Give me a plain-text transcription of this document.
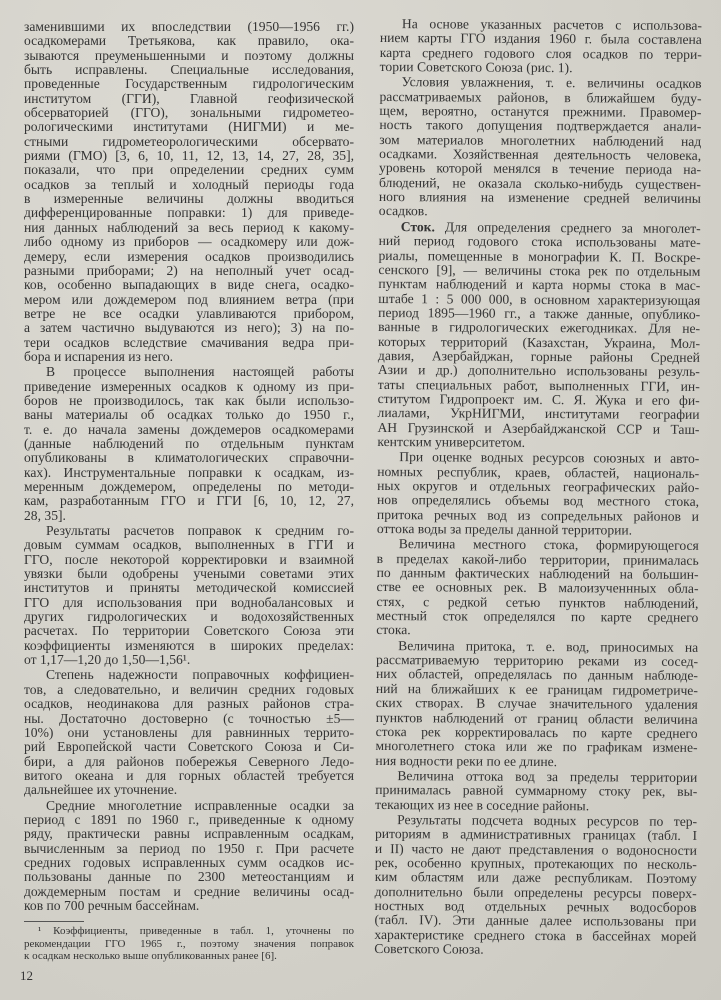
заменившими их впоследствии (1950—1956 гг.)
осадкомерами Третьякова, как правило, ока-
зываются преуменьшенными и поэтому должны
быть исправлены. Специальные исследования,
проведенные Государственным гидрологическим
институтом (ГГИ), Главной геофизической
обсерваторией (ГГО), зональными гидрометео-
рологическими институтами (НИГМИ) и ме-
стными гидрометеорологическими обсервато-
риями (ГМО) [3, 6, 10, 11, 12, 13, 14, 27, 28, 35],
показали, что при определении средних сумм
осадков за теплый и холодный периоды года
в измеренные величины должны вводиться
дифференцированные поправки: 1) для приведе-
ния данных наблюдений за весь период к какому-
либо одному из приборов — осадкомеру или дож-
демеру, если измерения осадков производились
разными приборами; 2) на неполный учет осад-
ков, особенно выпадающих в виде снега, осадко-
мером или дождемером под влиянием ветра (при
ветре не все осадки улавливаются прибором,
а затем частично выдуваются из него); 3) на по-
тери осадков вследствие смачивания ведра при-
бора и испарения из него.
В процессе выполнения настоящей работы
приведение измеренных осадков к одному из при-
боров не производилось, так как были использо-
ваны материалы об осадках только до 1950 г.,
т. е. до начала замены дождемеров осадкомерами
(данные наблюдений по отдельным пунктам
опубликованы в климатологических справочни-
ках). Инструментальные поправки к осадкам, из-
меренным дождемером, определены по методи-
кам, разработанным ГГО и ГГИ [6, 10, 12, 27,
28, 35].
Результаты расчетов поправок к средним го-
довым суммам осадков, выполненных в ГГИ и
ГГО, после некоторой корректировки и взаимной
увязки были одобрены учеными советами этих
институтов и приняты методической комиссией
ГГО для использования при воднобалансовых и
других гидрологических и водохозяйственных
расчетах. По территории Советского Союза эти
коэффициенты изменяются в широких пределах:
от 1,17—1,20 до 1,50—1,56¹.
Степень надежности поправочных коффициен-
тов, а следовательно, и величин средних годовых
осадков, неодинакова для разных районов стра-
ны. Достаточно достоверно (с точностью ±5—
10%) они установлены для равнинных террито-
рий Европейской части Советского Союза и Си-
бири, а для районов побережья Северного Ледо-
витого океана и для горных областей требуется
дальнейшее их уточнение.
Средние многолетние исправленные осадки за
период с 1891 по 1960 г., приведенные к одному
ряду, практически равны исправленным осадкам,
вычисленным за период по 1950 г. При расчете
средних годовых исправленных сумм осадков ис-
пользованы данные по 2300 метеостанциям и
дождемерным постам и средние величины осад-
ков по 700 речным бассейнам.
На основе указанных расчетов с использова-
нием карты ГГО издания 1960 г. была составлена
карта среднего годового слоя осадков по терри-
тории Советского Союза (рис. 1).
Условия увлажнения, т. е. величины осадков
рассматриваемых районов, в ближайшем буду-
щем, вероятно, останутся прежними. Правомер-
ность такого допущения подтверждается анали-
зом материалов многолетних наблюдений над
осадками. Хозяйственная деятельность человека,
уровень которой менялся в течение периода на-
блюдений, не оказала сколько-нибудь существен-
ного влияния на изменение средней величины
осадков.
Сток. Для определения среднего за многолет-
ний период годового стока использованы мате-
риалы, помещенные в монографии К. П. Воскре-
сенского [9], — величины стока рек по отдельным
пунктам наблюдений и карта нормы стока в мас-
штабе 1 : 5 000 000, в основном характеризующая
период 1895—1960 гг., а также данные, опублико-
ванные в гидрологических ежегодниках. Для не-
которых территорий (Казахстан, Украина, Мол-
давия, Азербайджан, горные районы Средней
Азии и др.) дополнительно использованы резуль-
таты специальных работ, выполненных ГГИ, ин-
ститутом Гидропроект им. С. Я. Жука и его фи-
лиалами, УкрНИГМИ, институтами географии
АН Грузинской и Азербайджанской ССР и Таш-
кентским университетом.
При оценке водных ресурсов союзных и авто-
номных республик, краев, областей, националь-
ных округов и отдельных географических райо-
нов определялись объемы вод местного стока,
притока речных вод из сопредельных районов и
оттока воды за пределы данной территории.
Величина местного стока, формирующегося
в пределах какой-либо территории, принималась
по данным фактических наблюдений на большин-
стве ее основных рек. В малоизученнных обла-
стях, с редкой сетью пунктов наблюдений,
местный сток определялся по карте среднего
стока.
Величина притока, т. е. вод, приносимых на
рассматриваемую территорию реками из сосед-
них областей, определялась по данным наблюде-
ний на ближайших к ее границам гидрометриче-
ских створах. В случае значительного удаления
пунктов наблюдений от границ области величина
стока рек корректировалась по карте среднего
многолетнего стока или же по графикам измене-
ния водности реки по ее длине.
Величина оттока вод за пределы территории
принималась равной суммарному стоку рек, вы-
текающих из нее в соседние районы.
Результаты подсчета водных ресурсов по тер-
риториям в административных границах (табл. I
и II) часто не дают представления о водоносности
рек, особенно крупных, протекающих по несколь-
ким областям или даже республикам. Поэтому
дополнительно были определены ресурсы поверх-
ностных вод отдельных речных водосборов
(табл. IV). Эти данные далее использованы при
характеристике среднего стока в бассейнах морей
Советского Союза.
¹ Коэффициенты, приведенные в табл. 1, уточнены по
рекомендации ГГО 1965 г., поэтому значения поправок
к осадкам несколько выше опубликованных ранее [6].
12
